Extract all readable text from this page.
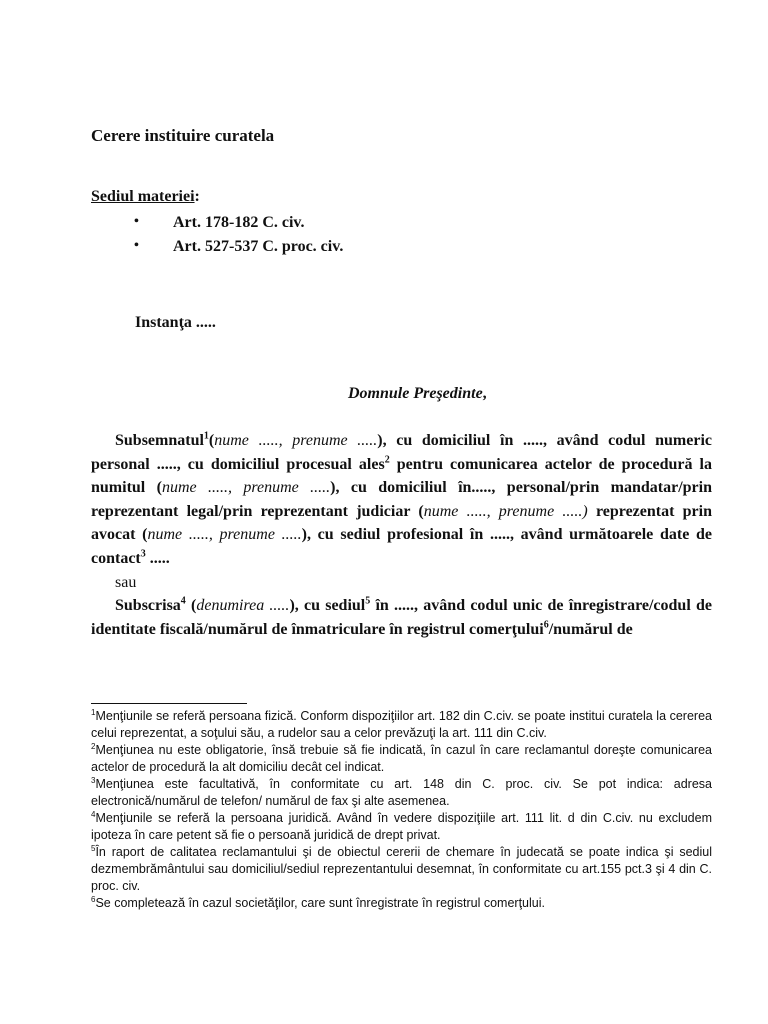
Cerere instituire curatela
Sediul materiei:
• Art. 178-182 C. civ.
• Art. 527-537 C. proc. civ.
Instanţa .....
Domnule Preşedinte,

Subsemnatul$^1$(nume ....., prenume .....), cu domiciliul în ....., având codul numeric personal ....., cu domiciliul procesual ales$^2$ pentru comunicarea actelor de procedură la numitul (nume ....., prenume .....), cu domiciliul în....., personal/prin mandatar/prin reprezentant legal/prin reprezentant judiciar (nume ....., prenume .....) reprezentat prin avocat (nume ....., prenume .....), cu sediul profesional în ....., având următoarele date de contact$^3$ .....

sau

Subscrisa$^4$ (denumirea .....), cu sediul$^5$ în ....., având codul unic de înregistrare/codul de identitate fiscală/numărul de înmatriculare în registrul comerţului$^6$/numărul de

$^1$Menţiunile se referă persoana fizică. Conform dispoziţiilor art. 182 din C.civ. se poate institui curatela la cererea celui reprezentat, a soţului său, a rudelor sau a celor prevăzuţi la art. 111 din C.civ.

$^2$Menţiunea nu este obligatorie, însă trebuie să fie indicată, în cazul în care reclamantul doreşte comunicarea actelor de procedură la alt domiciliu decât cel indicat.

$^3$Menţiunea este facultativă, în conformitate cu art. 148 din C. proc. civ. Se pot indica: adresa electronică/numărul de telefon/ numărul de fax şi alte asemenea.

$^4$Menţiunile se referă la persoana juridică. Având în vedere dispoziţiile art. 111 lit. d din C.civ. nu excludem ipoteza în care petent să fie o persoană juridică de drept privat.

$^5$În raport de calitatea reclamantului şi de obiectul cererii de chemare în judecată se poate indica şi sediul dezmembrământului sau domiciliul/sediul reprezentantului desemnat, în conformitate cu art.155 pct.3 şi 4 din C. proc. civ.

$^6$Se completează în cazul societăţilor, care sunt înregistrate în registrul comerţului.
